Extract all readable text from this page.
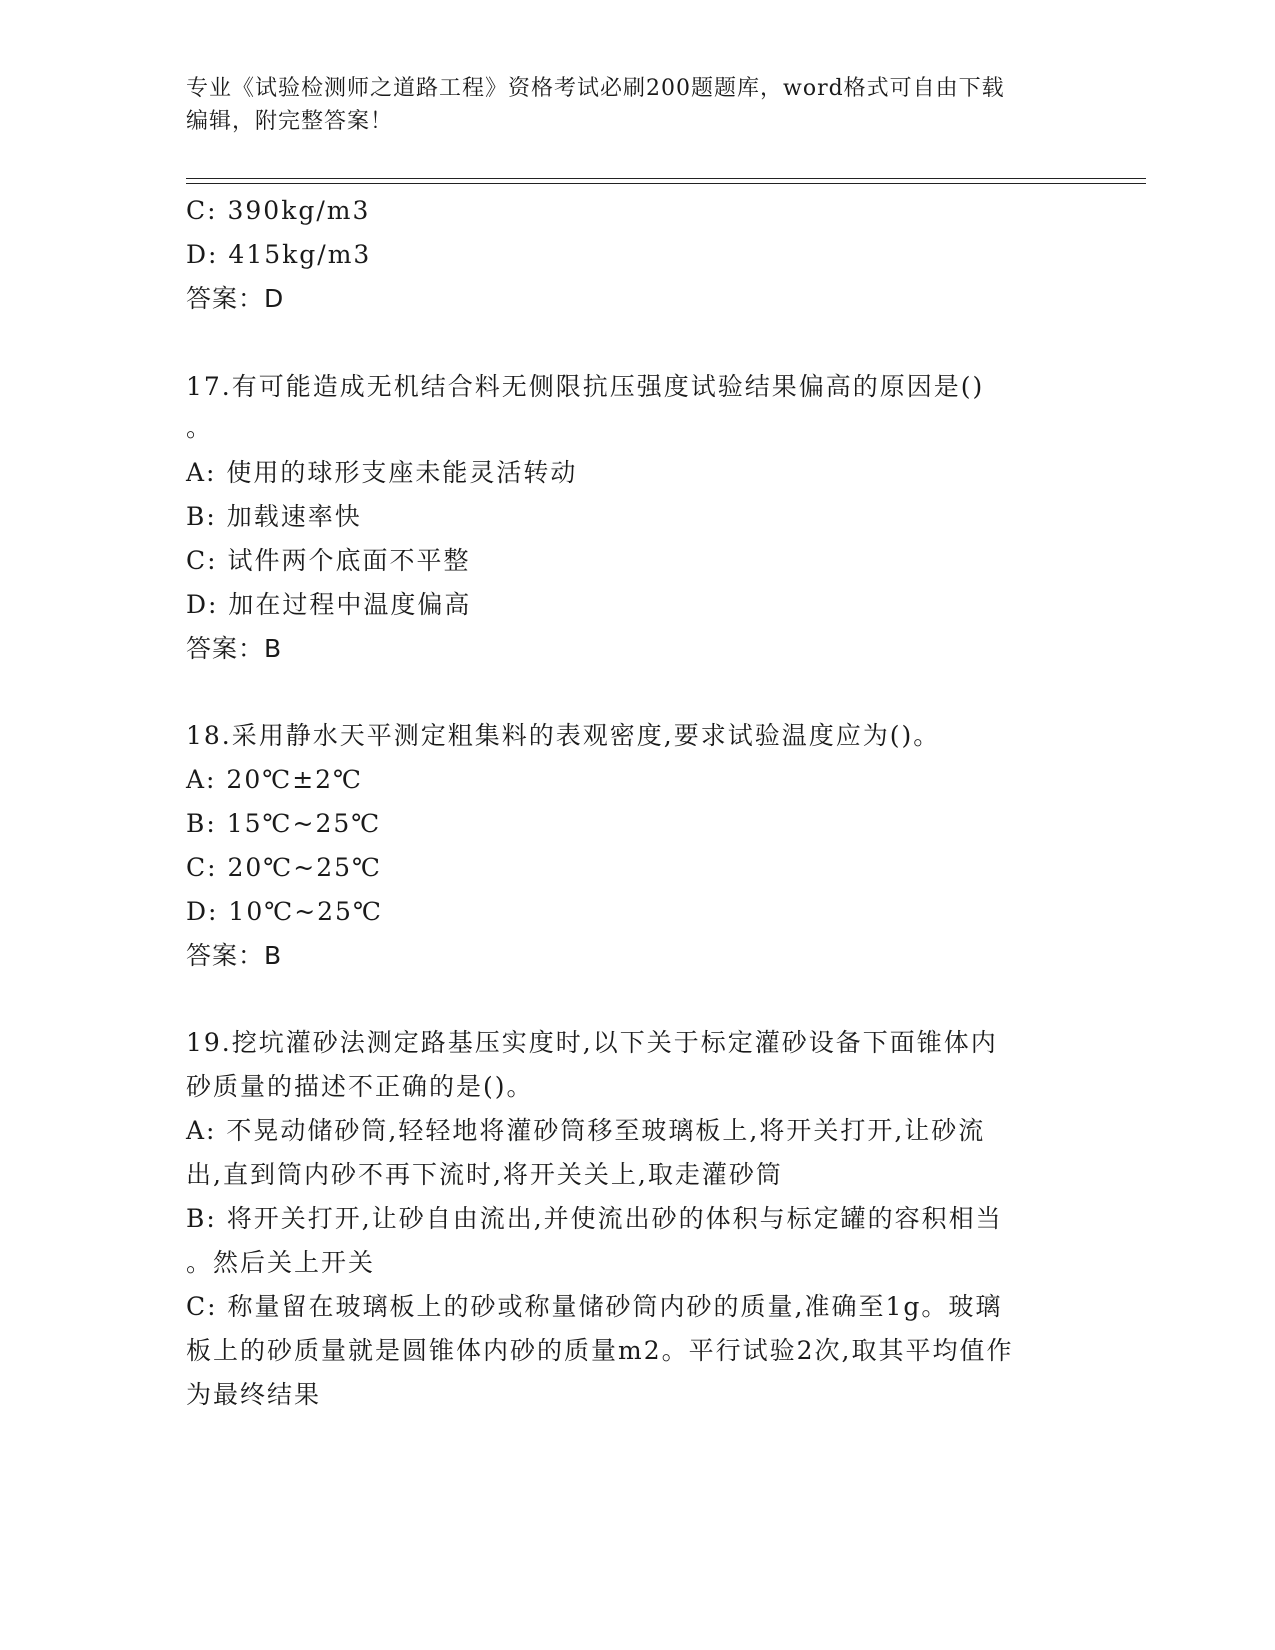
专业《试验检测师之道路工程》资格考试必刷200题题库，word格式可自由下载
编辑，附完整答案！
C: 390kg/m3
D: 415kg/m3
答案：D
17.有可能造成无机结合料无侧限抗压强度试验结果偏高的原因是()
。
A: 使用的球形支座未能灵活转动
B: 加载速率快
C: 试件两个底面不平整
D: 加在过程中温度偏高
答案：B
18.采用静水天平测定粗集料的表观密度,要求试验温度应为()。
A: 20℃±2℃
B: 15℃~25℃
C: 20℃~25℃
D: 10℃~25℃
答案：B
19.挖坑灌砂法测定路基压实度时,以下关于标定灌砂设备下面锥体内
砂质量的描述不正确的是()。
A: 不晃动储砂筒,轻轻地将灌砂筒移至玻璃板上,将开关打开,让砂流
出,直到筒内砂不再下流时,将开关关上,取走灌砂筒
B: 将开关打开,让砂自由流出,并使流出砂的体积与标定罐的容积相当
。然后关上开关
C: 称量留在玻璃板上的砂或称量储砂筒内砂的质量,准确至1g。玻璃
板上的砂质量就是圆锥体内砂的质量m2。平行试验2次,取其平均值作
为最终结果
